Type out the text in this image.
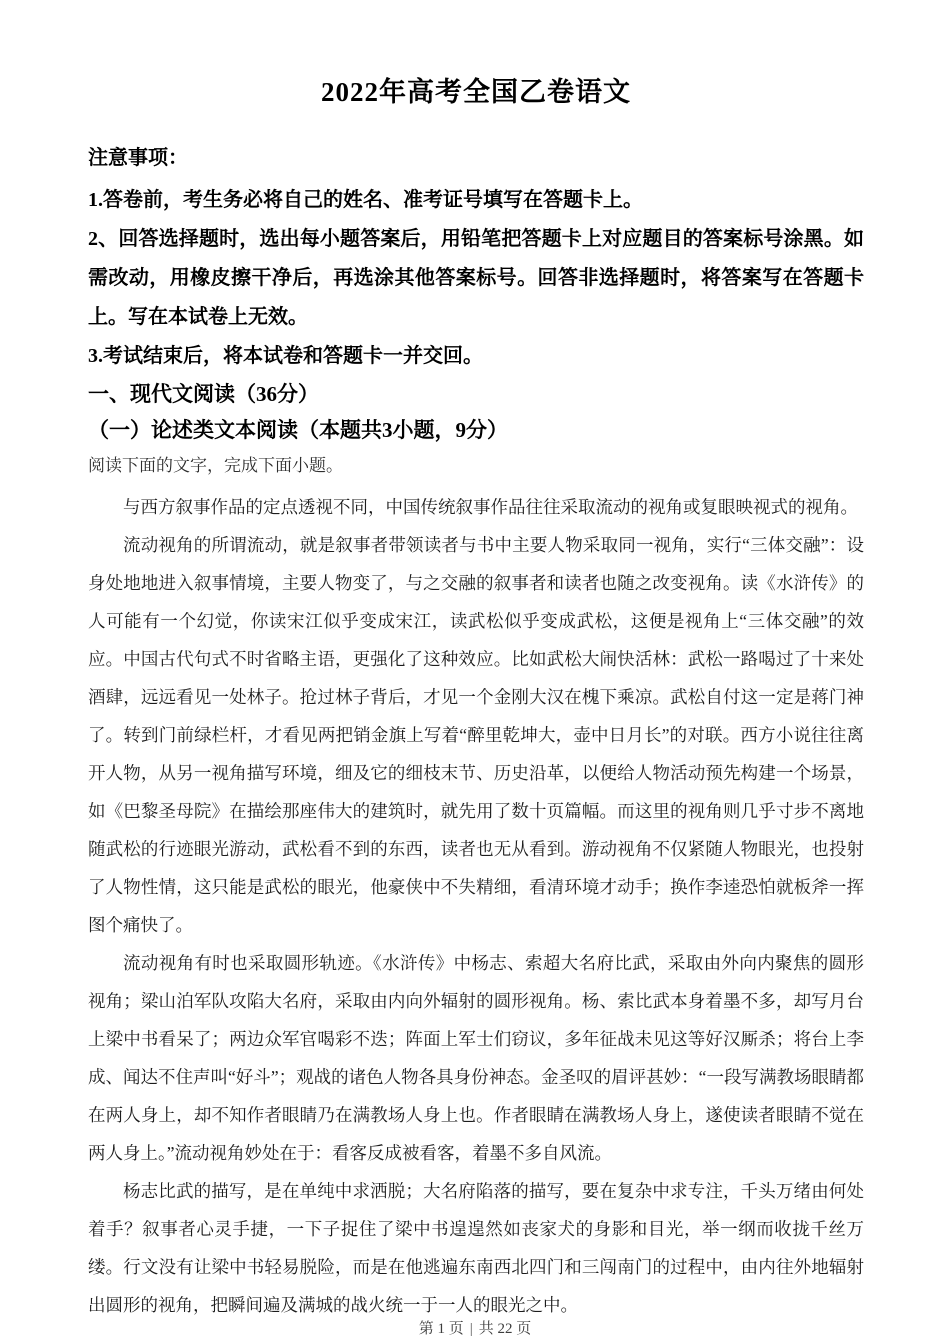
2022年高考全国乙卷语文

注意事项：

1.答卷前，考生务必将自己的姓名、准考证号填写在答题卡上。

2、回答选择题时，选出每小题答案后，用铅笔把答题卡上对应题目的答案标号涂黑。如需改动，用橡皮擦干净后，再选涂其他答案标号。回答非选择题时，将答案写在答题卡上。写在本试卷上无效。

3.考试结束后，将本试卷和答题卡一并交回。

一、现代文阅读（36分）
（一）论述类文本阅读（本题共3小题，9分）

阅读下面的文字，完成下面小题。

与西方叙事作品的定点透视不同，中国传统叙事作品往往采取流动的视角或复眼映视式的视角。

流动视角的所谓流动，就是叙事者带领读者与书中主要人物采取同一视角，实行“三体交融”：设身处地地进入叙事情境，主要人物变了，与之交融的叙事者和读者也随之改变视角。读《水浒传》的人可能有一个幻觉，你读宋江似乎变成宋江，读武松似乎变成武松，这便是视角上“三体交融”的效应。中国古代句式不时省略主语，更强化了这种效应。比如武松大闹快活林：武松一路喝过了十来处酒肆，远远看见一处林子。抢过林子背后，才见一个金刚大汉在槐下乘凉。武松自付这一定是蒋门神了。转到门前绿栏杆，才看见两把销金旗上写着“醉里乾坤大，壶中日月长”的对联。西方小说往往离开人物，从另一视角描写环境，细及它的细枝末节、历史沿革，以便给人物活动预先构建一个场景，如《巴黎圣母院》在描绘那座伟大的建筑时，就先用了数十页篇幅。而这里的视角则几乎寸步不离地随武松的行迹眼光游动，武松看不到的东西，读者也无从看到。游动视角不仅紧随人物眼光，也投射了人物性情，这只能是武松的眼光，他豪侠中不失精细，看清环境才动手；换作李逵恐怕就板斧一挥图个痛快了。

流动视角有时也采取圆形轨迹。《水浒传》中杨志、索超大名府比武，采取由外向内聚焦的圆形视角；梁山泊军队攻陷大名府，采取由内向外辐射的圆形视角。杨、索比武本身着墨不多，却写月台上梁中书看呆了；两边众军官喝彩不迭；阵面上军士们窃议，多年征战未见这等好汉厮杀；将台上李成、闻达不住声叫“好斗”；观战的诸色人物各具身份神态。金圣叹的眉评甚妙：“一段写满教场眼睛都在两人身上，却不知作者眼睛乃在满教场人身上也。作者眼睛在满教场人身上，遂使读者眼睛不觉在两人身上。”流动视角妙处在于：看客反成被看客，着墨不多自风流。

杨志比武的描写，是在单纯中求洒脱；大名府陷落的描写，要在复杂中求专注，千头万绪由何处着手？叙事者心灵手捷，一下子捉住了梁中书遑遑然如丧家犬的身影和目光，举一纲而收拢千丝万缕。行文没有让梁中书轻易脱险，而是在他逃遍东南西北四门和三闯南门的过程中，由内往外地辐射出圆形的视角，把瞬间遍及满城的战火统一于一人的眼光之中。

第 1 页 | 共 22 页
